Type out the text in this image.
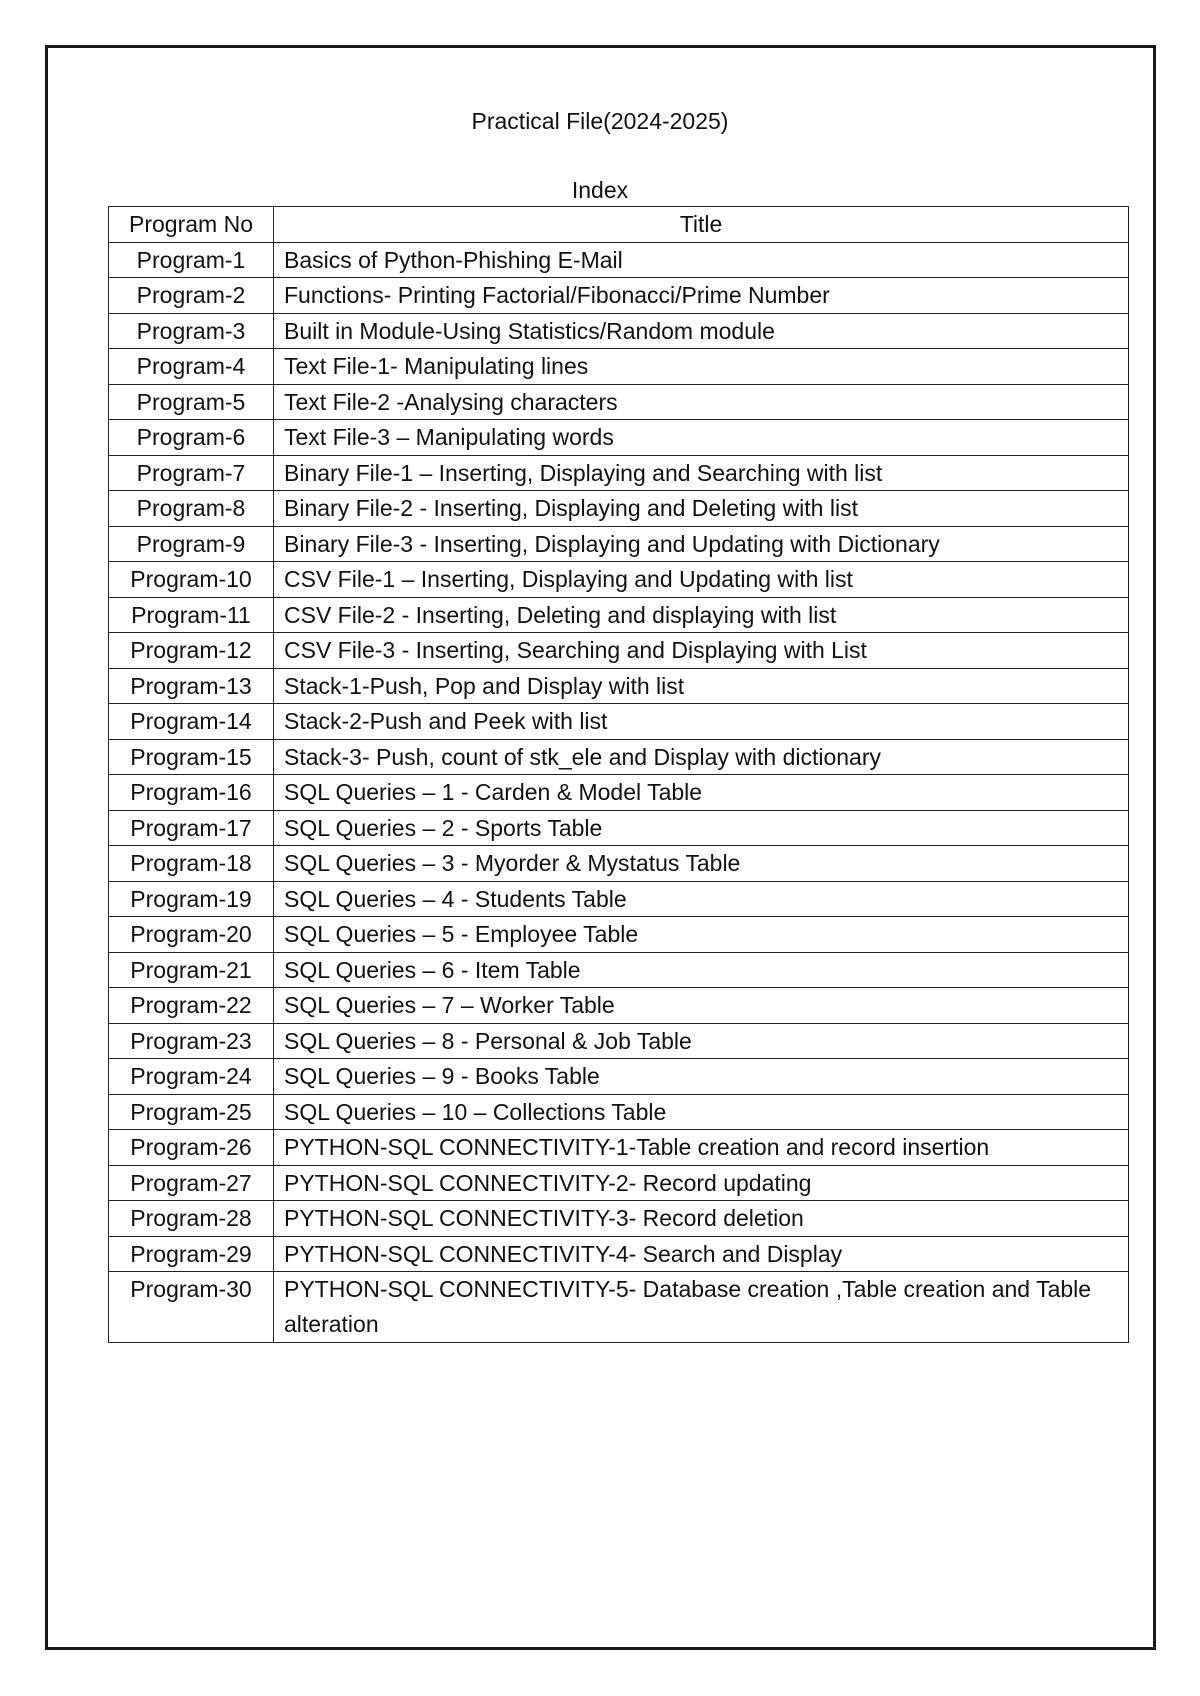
Practical File(2024-2025)
Index
Program No	Title
Program-1	Basics of Python-Phishing E-Mail
Program-2	Functions- Printing Factorial/Fibonacci/Prime Number
Program-3	Built in Module-Using Statistics/Random module
Program-4	Text File-1- Manipulating lines
Program-5	Text File-2 -Analysing characters
Program-6	Text File-3 – Manipulating words
Program-7	Binary File-1 – Inserting, Displaying and Searching with list
Program-8	Binary File-2 - Inserting, Displaying and Deleting with list
Program-9	Binary File-3 - Inserting, Displaying and Updating with Dictionary
Program-10	CSV File-1 – Inserting, Displaying and Updating with list
Program-11	CSV File-2 - Inserting, Deleting and displaying with list
Program-12	CSV File-3 - Inserting, Searching and Displaying with List
Program-13	Stack-1-Push, Pop and Display with list
Program-14	Stack-2-Push and Peek with list
Program-15	Stack-3- Push, count of stk_ele and Display with dictionary
Program-16	SQL Queries – 1 - Carden & Model Table
Program-17	SQL Queries – 2 - Sports Table
Program-18	SQL Queries – 3 - Myorder & Mystatus Table
Program-19	SQL Queries – 4 - Students Table
Program-20	SQL Queries – 5 - Employee Table
Program-21	SQL Queries – 6 - Item Table
Program-22	SQL Queries – 7 – Worker Table
Program-23	SQL Queries – 8 - Personal & Job Table
Program-24	SQL Queries – 9 - Books Table
Program-25	SQL Queries – 10 – Collections Table
Program-26	PYTHON-SQL CONNECTIVITY-1-Table creation and record insertion
Program-27	PYTHON-SQL CONNECTIVITY-2- Record updating
Program-28	PYTHON-SQL CONNECTIVITY-3- Record deletion
Program-29	PYTHON-SQL CONNECTIVITY-4- Search and Display
Program-30	PYTHON-SQL CONNECTIVITY-5- Database creation ,Table creation and Table alteration
